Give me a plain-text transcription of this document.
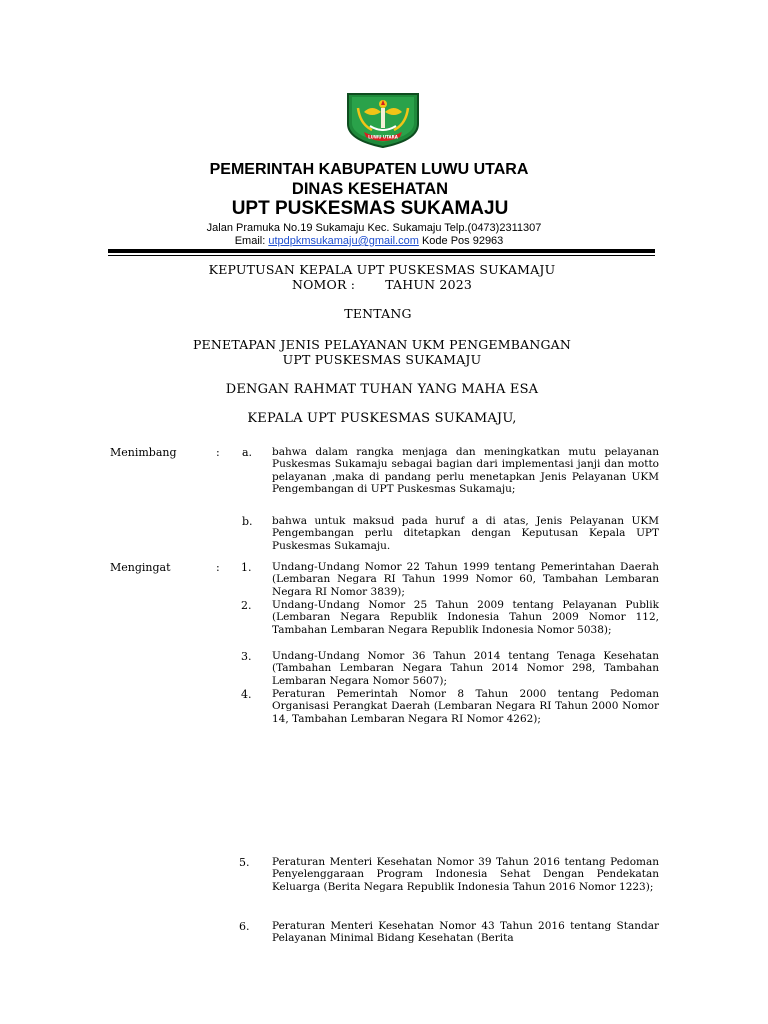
LUWU UTARA
PEMERINTAH KABUPATEN LUWU UTARA
DINAS KESEHATAN
UPT PUSKESMAS SUKAMAJU
Jalan Pramuka No.19 Sukamaju Kec. Sukamaju Telp.(0473)2311307
Email: utpdpkmsukamaju@gmail.com Kode Pos 92963
KEPUTUSAN KEPALA UPT PUSKESMAS SUKAMAJU
NOMOR : TAHUN 2023
TENTANG
PENETAPAN JENIS PELAYANAN UKM PENGEMBANGAN
UPT PUSKESMAS SUKAMAJU
DENGAN RAHMAT TUHAN YANG MAHA ESA
KEPALA UPT PUSKESMAS SUKAMAJU,
Menimbang	: a. bahwa dalam rangka menjaga dan meningkatkan mutu pelayanan Puskesmas Sukamaju sebagai bagian dari implementasi janji dan motto pelayanan ,maka di pandang perlu menetapkan Jenis Pelayanan UKM Pengembangan di UPT Puskesmas Sukamaju;
b. bahwa untuk maksud pada huruf a di atas, Jenis Pelayanan UKM Pengembangan perlu ditetapkan dengan Keputusan Kepala UPT Puskesmas Sukamaju.
Mengingat	: 1. Undang-Undang Nomor 22 Tahun 1999 tentang Pemerintahan Daerah (Lembaran Negara RI Tahun 1999 Nomor 60, Tambahan Lembaran Negara RI Nomor 3839);
2. Undang-Undang Nomor 25 Tahun 2009 tentang Pelayanan Publik (Lembaran Negara Republik Indonesia Tahun 2009 Nomor 112, Tambahan Lembaran Negara Republik Indonesia Nomor 5038);
3. Undang-Undang Nomor 36 Tahun 2014 tentang Tenaga Kesehatan (Tambahan Lembaran Negara Tahun 2014 Nomor 298, Tambahan Lembaran Negara Nomor 5607);
4. Peraturan Pemerintah Nomor 8 Tahun 2000 tentang Pedoman Organisasi Perangkat Daerah (Lembaran Negara RI Tahun 2000 Nomor 14, Tambahan Lembaran Negara RI Nomor 4262);
5. Peraturan Menteri Kesehatan Nomor 39 Tahun 2016 tentang Pedoman Penyelenggaraan Program Indonesia Sehat Dengan Pendekatan Keluarga (Berita Negara Republik Indonesia Tahun 2016 Nomor 1223);
6. Peraturan Menteri Kesehatan Nomor 43 Tahun 2016 tentang Standar Pelayanan Minimal Bidang Kesehatan (Berita
